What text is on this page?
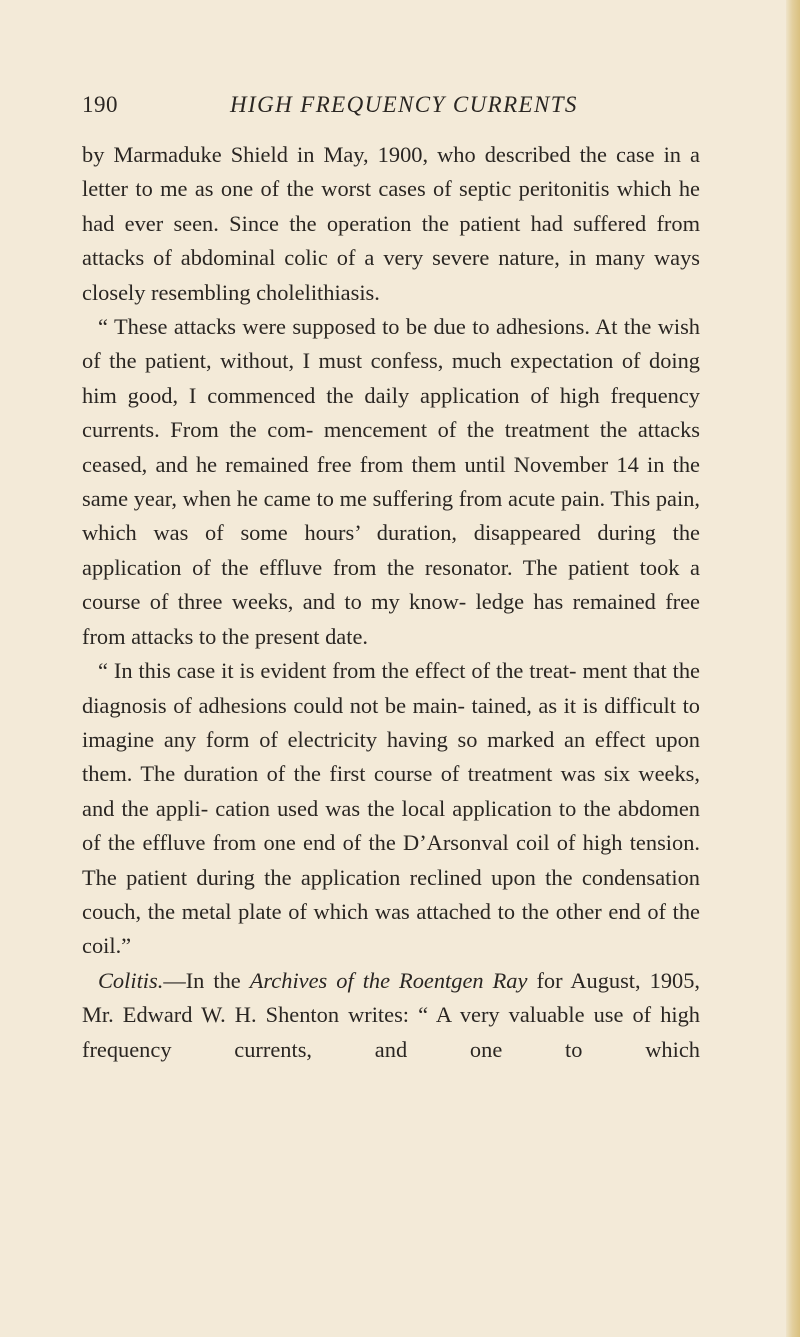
190	HIGH FREQUENCY CURRENTS

by Marmaduke Shield in May, 1900, who described the case in a letter to me as one of the worst cases of septic peritonitis which he had ever seen. Since the operation the patient had suffered from attacks of abdominal colic of a very severe nature, in many ways closely resembling cholelithiasis.

“ These attacks were supposed to be due to adhesions. At the wish of the patient, without, I must confess, much expectation of doing him good, I commenced the daily application of high frequency currents. From the com- mencement of the treatment the attacks ceased, and he remained free from them until November 14 in the same year, when he came to me suffering from acute pain. This pain, which was of some hours’ duration, disappeared during the application of the effluve from the resonator. The patient took a course of three weeks, and to my know- ledge has remained free from attacks to the present date.

“ In this case it is evident from the effect of the treat- ment that the diagnosis of adhesions could not be main- tained, as it is difficult to imagine any form of electricity having so marked an effect upon them. The duration of the first course of treatment was six weeks, and the appli- cation used was the local application to the abdomen of the effluve from one end of the D’Arsonval coil of high tension. The patient during the application reclined upon the condensation couch, the metal plate of which was attached to the other end of the coil.”

Colitis.—In the Archives of the Roentgen Ray for August, 1905, Mr. Edward W. H. Shenton writes: “ A very valuable use of high frequency currents, and one to which
